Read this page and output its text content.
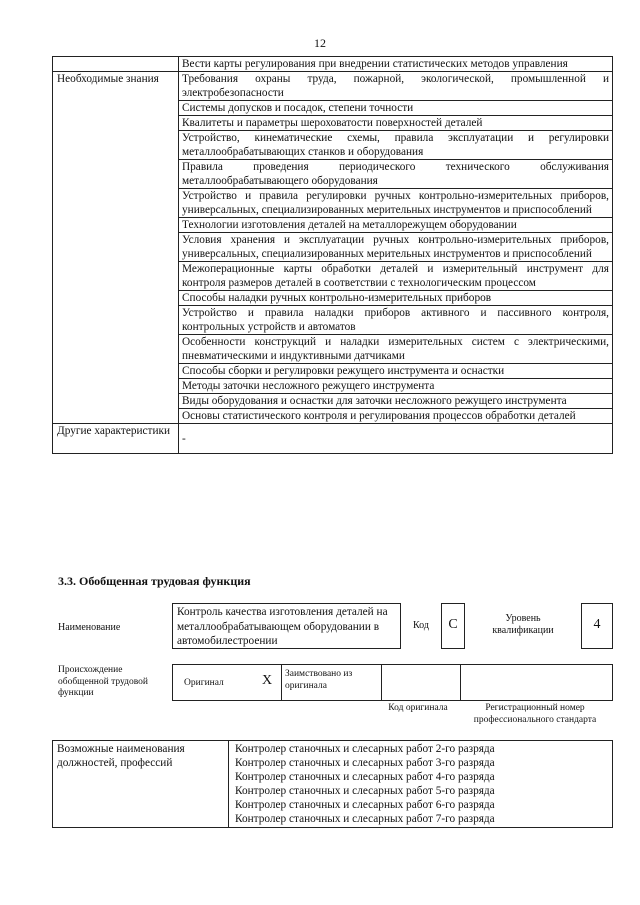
12
	Вести карты регулирования при внедрении статистических методов управления
Необходимые знания	Требования охраны труда, пожарной, экологической, промышленной и электробезопасности
	Системы допусков и посадок, степени точности
	Квалитеты и параметры шероховатости поверхностей деталей
	Устройство, кинематические схемы, правила эксплуатации и регулировки металлообрабатывающих станков и оборудования
	Правила проведения периодического технического обслуживания металлообрабатывающего оборудования
	Устройство и правила регулировки ручных контрольно-измерительных приборов, универсальных, специализированных мерительных инструментов и приспособлений
	Технологии изготовления деталей на металлорежущем оборудовании
	Условия хранения и эксплуатации ручных контрольно-измерительных приборов, универсальных, специализированных мерительных инструментов и приспособлений
	Межоперационные карты обработки деталей и измерительный инструмент для контроля размеров деталей в соответствии с технологическим процессом
	Способы наладки ручных контрольно-измерительных приборов
	Устройство и правила наладки приборов активного и пассивного контроля, контрольных устройств и автоматов
	Особенности конструкций и наладки измерительных систем с электрическими, пневматическими и индуктивными датчиками
	Способы сборки и регулировки режущего инструмента и оснастки
	Методы заточки несложного режущего инструмента
	Виды оборудования и оснастки для заточки несложного режущего инструмента
	Основы статистического контроля и регулирования процессов обработки деталей
Другие характеристики	-
3.3. Обобщенная трудовая функция
Наименование
Контроль качества изготовления деталей на металлообрабатывающем оборудовании в автомобилестроении
Код	C	Уровень квалификации	4
Происхождение обобщенной трудовой функции
Оригинал	X Заимствовано из оригинала
Код оригинала	Регистрационный номер профессионального стандарта
Возможные наименования должностей, профессий	
Контролер станочных и слесарных работ 2-го разряда
Контролер станочных и слесарных работ 3-го разряда
Контролер станочных и слесарных работ 4-го разряда
Контролер станочных и слесарных работ 5-го разряда
Контролер станочных и слесарных работ 6-го разряда
Контролер станочных и слесарных работ 7-го разряда
